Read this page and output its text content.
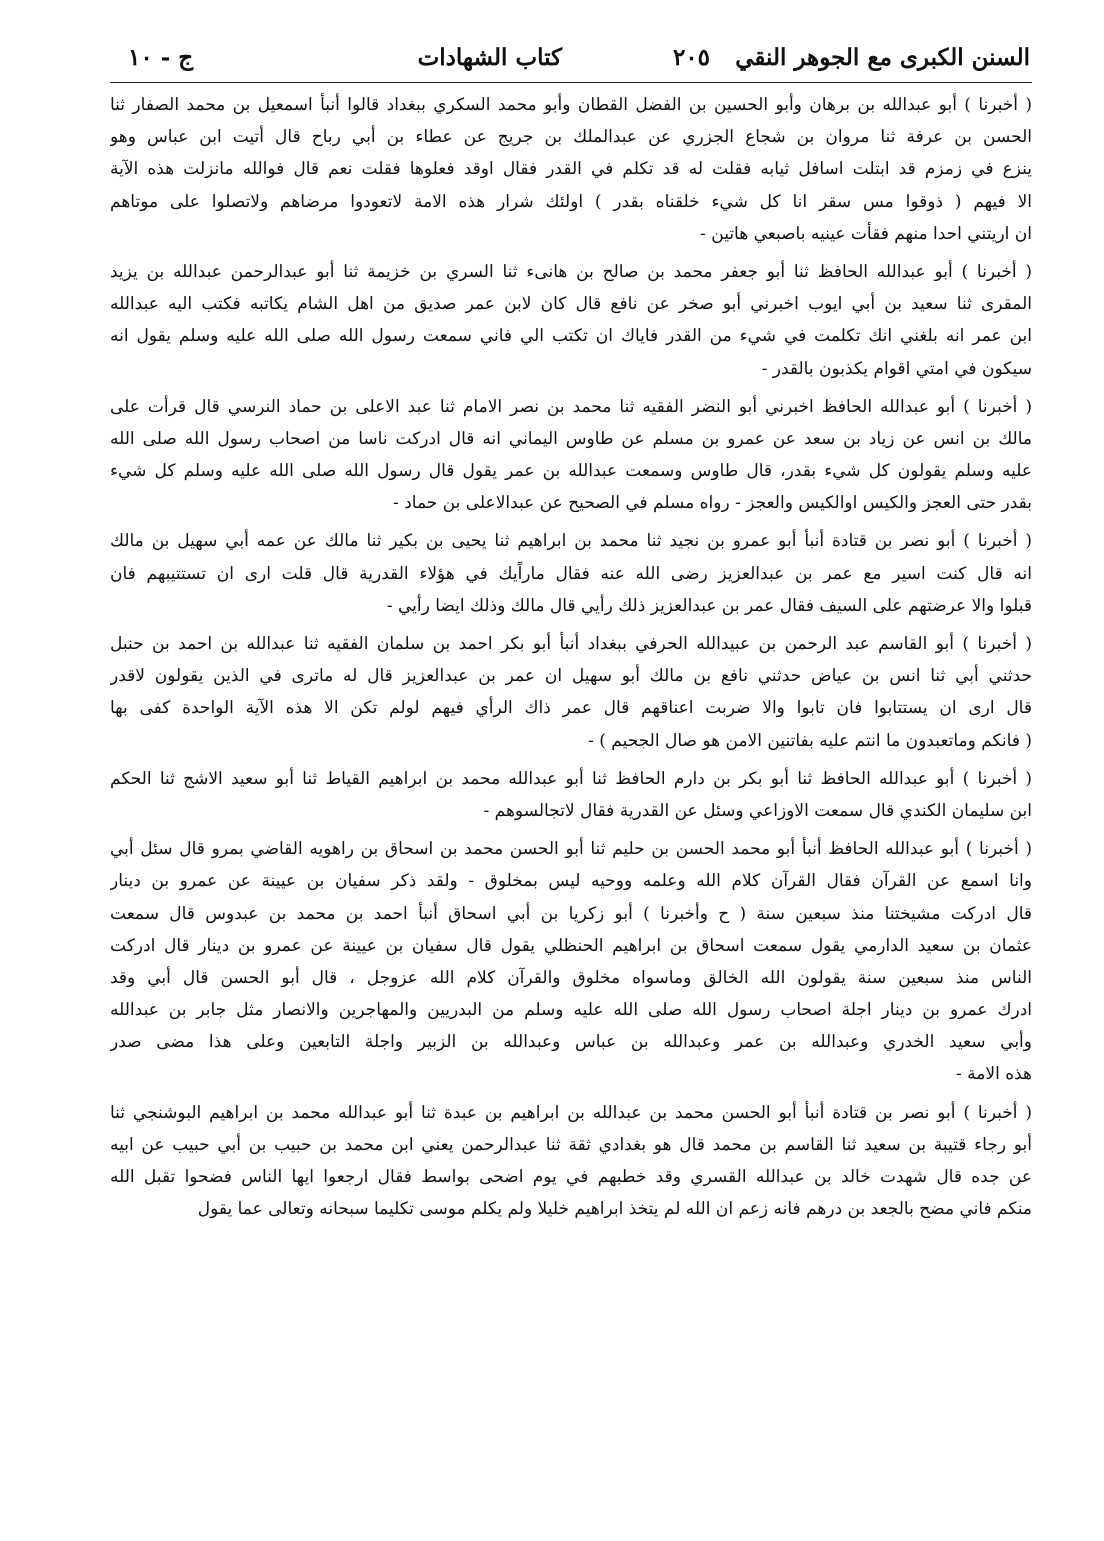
السنن الكبرى مع الجوهر النقي
٢٠٥
كتاب الشهادات
ج - ١٠
( أخبرنا ) أبو عبدالله بن برهان وأبو الحسين بن الفضل القطان وأبو محمد السكري ببغداد قالوا أنبأ اسمعيل بن محمد الصفار ثنا
الحسن بن عرفة ثنا مروان بن شجاع الجزري عن عبدالملك بن جريج عن عطاء بن أبي رباح قال أتيت ابن عباس وهو
ينزع في زمزم قد ابتلت اسافل ثيابه فقلت له قد تكلم في القدر فقال اوقد فعلوها فقلت نعم قال فوالله مانزلت هذه الآية
الا فيهم ( ذوقوا مس سقر انا كل شيء خلقناه بقدر ) اولئك شرار هذه الامة لاتعودوا مرضاهم ولاتصلوا على موتاهم
ان اريتني احدا منهم فقأت عينيه باصبعي هاتين -
( أخبرنا ) أبو عبدالله الحافظ ثنا أبو جعفر محمد بن صالح بن هانىء ثنا السري بن خزيمة ثنا أبو عبدالرحمن عبدالله بن يزيد
المقرى ثنا سعيد بن أبي ايوب اخبرني أبو صخر عن نافع قال كان لابن عمر صديق من اهل الشام يكاتبه فكتب اليه عبدالله
ابن عمر انه بلغني انك تكلمت في شيء من القدر فاياك ان تكتب الي فاني سمعت رسول الله صلى الله عليه وسلم يقول انه
سيكون في امتي اقوام يكذبون بالقدر -
( أخبرنا ) أبو عبدالله الحافظ اخبرني أبو النضر الفقيه ثنا محمد بن نصر الامام ثنا عبد الاعلى بن حماد النرسي قال قرأت على
مالك بن انس عن زياد بن سعد عن عمرو بن مسلم عن طاوس اليماني انه قال ادركت ناسا من اصحاب رسول الله صلى الله
عليه وسلم يقولون كل شيء بقدر، قال طاوس وسمعت عبدالله بن عمر يقول قال رسول الله صلى الله عليه وسلم كل شيء
بقدر حتى العجز والكيس اوالكيس والعجز - رواه مسلم في الصحيح عن عبدالاعلى بن حماد -
( أخبرنا ) أبو نصر بن قتادة أنبأ أبو عمرو بن نجيد ثنا محمد بن ابراهيم ثنا يحيى بن بكير ثنا مالك عن عمه أبي سهيل بن مالك
انه قال كنت اسير مع عمر بن عبدالعزيز رضى الله عنه فقال ماراًيك في هؤلاء القدرية قال قلت ارى ان تستتيبهم فان
قبلوا والا عرضتهم على السيف فقال عمر بن عبدالعزيز ذلك رأيي قال مالك وذلك ايضا رأيي -
( أخبرنا ) أبو القاسم عبد الرحمن بن عبيدالله الحرفي ببغداد أنبأ أبو بكر احمد بن سلمان الفقيه ثنا عبدالله بن احمد بن حنبل
حدثني أبي ثنا انس بن عياض حدثني نافع بن مالك أبو سهيل ان عمر بن عبدالعزيز قال له ماترى في الذين يقولون لاقدر
قال ارى ان يستتابوا فان تابوا والا ضربت اعناقهم قال عمر ذاك الرأي فيهم لولم تكن الا هذه الآية الواحدة كفى بها
( فانكم وماتعبدون ما انتم عليه بفاتنين الامن هو صال الجحيم ) -
( أخبرنا ) أبو عبدالله الحافظ ثنا أبو بكر بن دارم الحافظ ثنا أبو عبدالله محمد بن ابراهيم القياط ثنا أبو سعيد الاشج ثنا الحكم
ابن سليمان الكندي قال سمعت الاوزاعي وسئل عن القدرية فقال لاتجالسوهم -
( أخبرنا ) أبو عبدالله الحافظ أنبأ أبو محمد الحسن بن حليم ثنا أبو الحسن محمد بن اسحاق بن راهويه القاضي بمرو قال سئل أبي
وانا اسمع عن القرآن فقال القرآن كلام الله وعلمه ووحيه ليس بمخلوق - ولقد ذكر سفيان بن عيينة عن عمرو بن دينار
قال ادركت مشيختنا منذ سبعين سنة ( ح وأخبرنا ) أبو زكريا بن أبي اسحاق أنبأ احمد بن محمد بن عبدوس قال سمعت
عثمان بن سعيد الدارمي يقول سمعت اسحاق بن ابراهيم الحنظلي يقول قال سفيان بن عيينة عن عمرو بن دينار قال ادركت
الناس منذ سبعين سنة يقولون الله الخالق وماسواه مخلوق والقرآن كلام الله عزوجل ، قال أبو الحسن قال أبي وقد
ادرك عمرو بن دينار اجلة اصحاب رسول الله صلى الله عليه وسلم من البدريين والمهاجرين والانصار مثل جابر بن عبدالله
وأبي سعيد الخدري وعبدالله بن عمر وعبدالله بن عباس وعبدالله بن الزبير واجلة التابعين وعلى هذا مضى صدر
هذه الامة -
( أخبرنا ) أبو نصر بن قتادة أنبأ أبو الحسن محمد بن عبدالله بن ابراهيم بن عبدة ثنا أبو عبدالله محمد بن ابراهيم البوشنجي ثنا
أبو رجاء قتيبة بن سعيد ثنا القاسم بن محمد قال هو بغدادي ثقة ثنا عبدالرحمن يعني ابن محمد بن حبيب بن أبي حبيب عن ابيه
عن جده قال شهدت خالد بن عبدالله القسري وقد خطبهم في يوم اضحى بواسط فقال ارجعوا ايها الناس فضحوا تقبل الله
منكم فاني مضح بالجعد بن درهم فانه زعم ان الله لم يتخذ ابراهيم خليلا ولم يكلم موسى تكليما سبحانه وتعالى عما يقول
